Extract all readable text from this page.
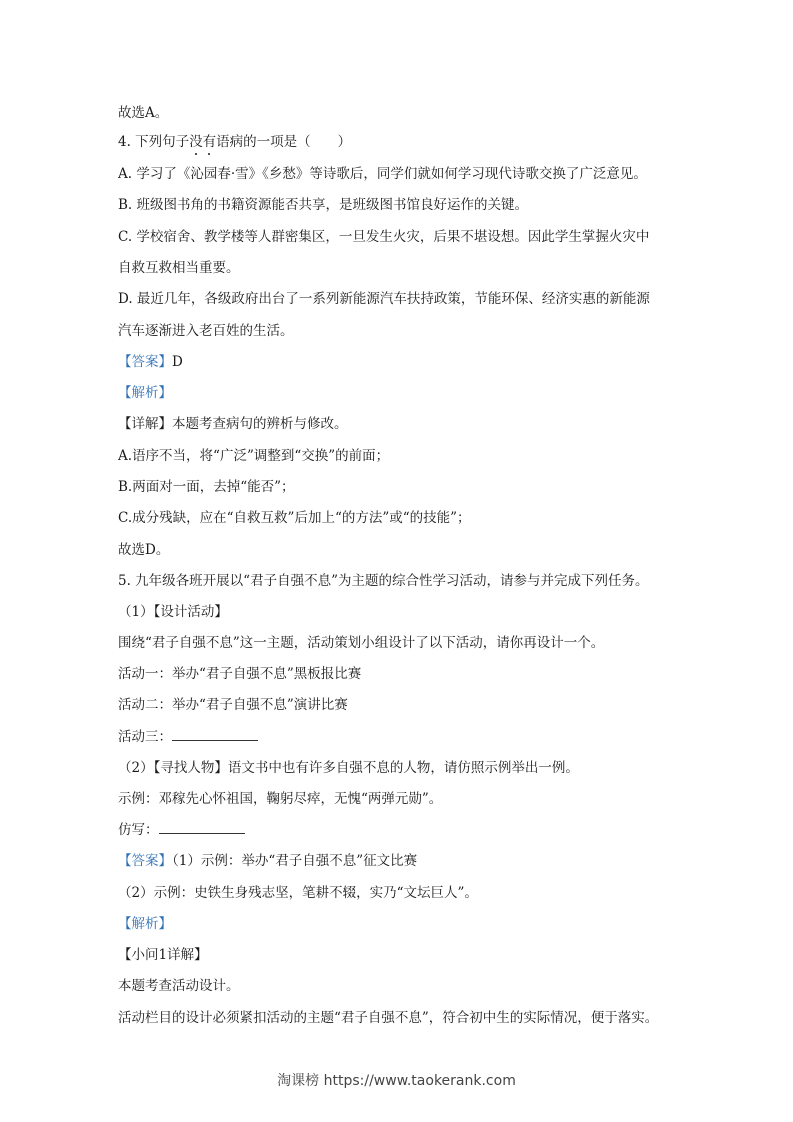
故选A。
4. 下列句子没有语病的一项是（　　）
A. 学习了《沁园春·雪》《乡愁》等诗歌后，同学们就如何学习现代诗歌交换了广泛意见。
B. 班级图书角的书籍资源能否共享，是班级图书馆良好运作的关键。
C. 学校宿舍、教学楼等人群密集区，一旦发生火灾，后果不堪设想。因此学生掌握火灾中
自救互救相当重要。
D. 最近几年，各级政府出台了一系列新能源汽车扶持政策，节能环保、经济实惠的新能源
汽车逐渐进入老百姓的生活。
【答案】D
【解析】
【详解】本题考查病句的辨析与修改。
A.语序不当，将“广泛”调整到“交换”的前面；
B.两面对一面，去掉“能否”；
C.成分残缺，应在“自救互救”后加上“的方法”或“的技能”；
故选D。
5. 九年级各班开展以“君子自强不息”为主题的综合性学习活动，请参与并完成下列任务。
（1）【设计活动】
围绕“君子自强不息”这一主题，活动策划小组设计了以下活动，请你再设计一个。
活动一：举办“君子自强不息”黑板报比赛
活动二：举办“君子自强不息”演讲比赛
活动三：
（2）【寻找人物】语文书中也有许多自强不息的人物，请仿照示例举出一例。
示例：邓稼先心怀祖国，鞠躬尽瘁，无愧“两弹元勋”。
仿写：
【答案】（1）示例：举办“君子自强不息”征文比赛
（2）示例：史铁生身残志坚，笔耕不辍，实乃“文坛巨人”。
【解析】
【小问1详解】
本题考查活动设计。
活动栏目的设计必须紧扣活动的主题“君子自强不息”，符合初中生的实际情况，便于落实。
淘课榜 https://www.taokerank.com
